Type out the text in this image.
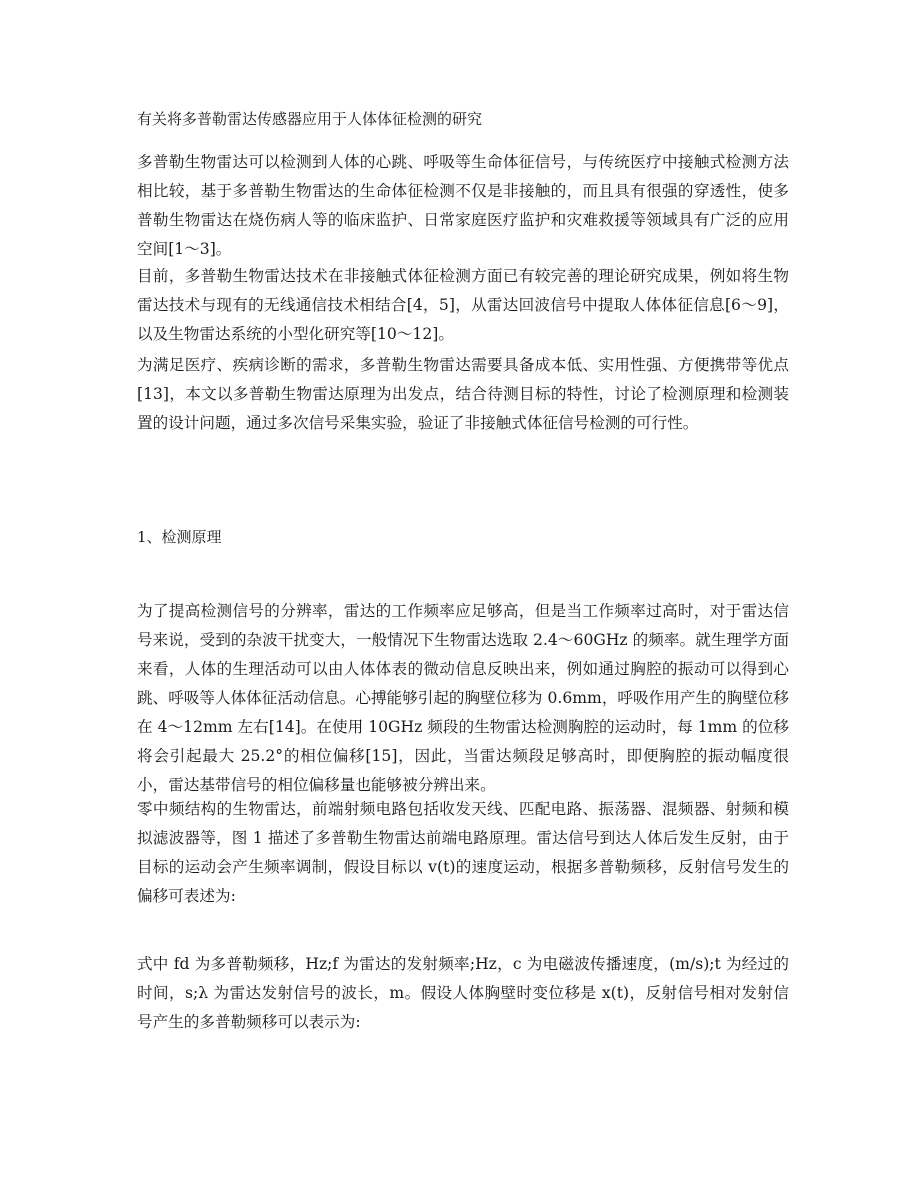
有关将多普勒雷达传感器应用于人体体征检测的研究

多普勒生物雷达可以检测到人体的心跳、呼吸等生命体征信号，与传统医疗中接触式检测方法相比较，基于多普勒生物雷达的生命体征检测不仅是非接触的，而且具有很强的穿透性，使多普勒生物雷达在烧伤病人等的临床监护、日常家庭医疗监护和灾难救援等领域具有广泛的应用空间[1～3]。

目前，多普勒生物雷达技术在非接触式体征检测方面已有较完善的理论研究成果，例如将生物雷达技术与现有的无线通信技术相结合[4，5]，从雷达回波信号中提取人体体征信息[6～9]，以及生物雷达系统的小型化研究等[10～12]。

为满足医疗、疾病诊断的需求，多普勒生物雷达需要具备成本低、实用性强、方便携带等优点[13]，本文以多普勒生物雷达原理为出发点，结合待测目标的特性，讨论了检测原理和检测装置的设计问题，通过多次信号采集实验，验证了非接触式体征信号检测的可行性。

1、检测原理

为了提高检测信号的分辨率，雷达的工作频率应足够高，但是当工作频率过高时，对于雷达信号来说，受到的杂波干扰变大，一般情况下生物雷达选取 2.4～60GHz 的频率。就生理学方面来看，人体的生理活动可以由人体体表的微动信息反映出来，例如通过胸腔的振动可以得到心跳、呼吸等人体体征活动信息。心搏能够引起的胸壁位移为 0.6mm，呼吸作用产生的胸壁位移在 4～12mm 左右[14]。在使用 10GHz 频段的生物雷达检测胸腔的运动时，每 1mm 的位移将会引起最大 25.2°的相位偏移[15]，因此，当雷达频段足够高时，即便胸腔的振动幅度很小，雷达基带信号的相位偏移量也能够被分辨出来。

零中频结构的生物雷达，前端射频电路包括收发天线、匹配电路、振荡器、混频器、射频和模拟滤波器等，图 1 描述了多普勒生物雷达前端电路原理。雷达信号到达人体后发生反射，由于目标的运动会产生频率调制，假设目标以 v(t)的速度运动，根据多普勒频移，反射信号发生的偏移可表述为:

式中 fd 为多普勒频移，Hz;f 为雷达的发射频率;Hz，c 为电磁波传播速度，(m/s);t 为经过的时间，s;λ 为雷达发射信号的波长，m。假设人体胸壁时变位移是 x(t)，反射信号相对发射信号产生的多普勒频移可以表示为:
